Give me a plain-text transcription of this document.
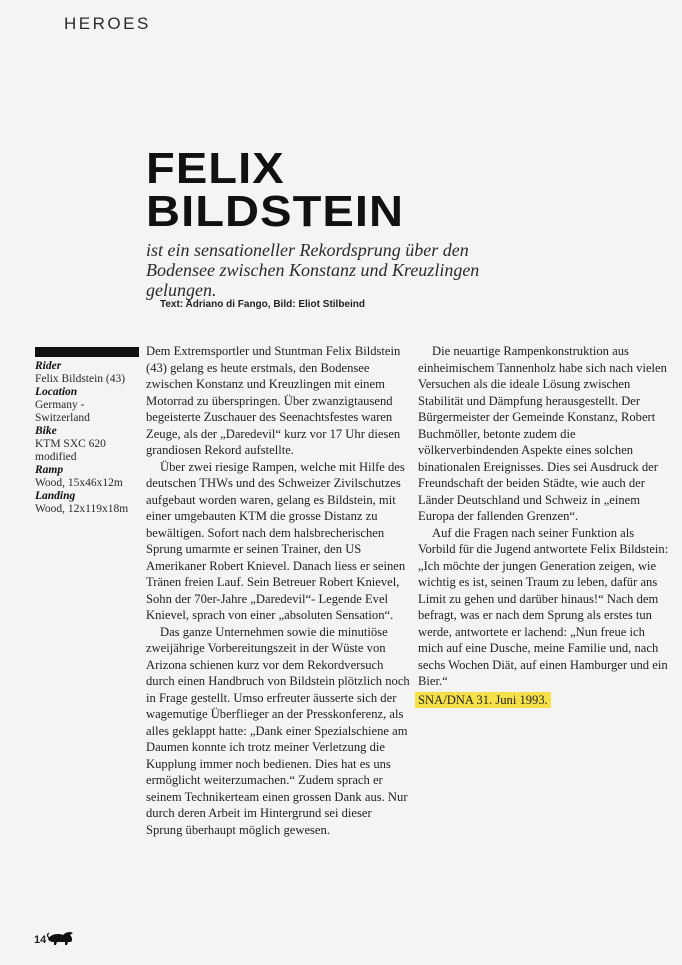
HEROES
FELIX
BILDSTEIN

ist ein sensationeller Rekordsprung über den Bodensee zwischen Konstanz und Kreuzlingen gelungen.

Text: Adriano di Fango, Bild: Eliot Stilbeind
Rider
Felix Bildstein (43)
Location
Germany - Switzerland
Bike
KTM SXC 620 modified
Ramp
Wood, 15x46x12m
Landing
Wood, 12x119x18m

Dem Extremsportler und Stuntman Felix Bildstein (43) gelang es heute erstmals, den Bodensee zwischen Konstanz und Kreuzlingen mit einem Motorrad zu überspringen. Über zwanzigtausend begeisterte Zuschauer des Seenachtsfestes waren Zeuge, als der „Daredevil“ kurz vor 17 Uhr diesen grandiosen Rekord aufstellte.

Über zwei riesige Rampen, welche mit Hilfe des deutschen THWs und des Schweizer Zivilschutzes aufgebaut worden waren, gelang es Bildstein, mit einer umgebauten KTM die grosse Distanz zu bewältigen. Sofort nach dem halsbrecherischen Sprung umarmte er seinen Trainer, den US Amerikaner Robert Knievel. Danach liess er seinen Tränen freien Lauf. Sein Betreuer Robert Knievel, Sohn der 70er-Jahre „Daredevil“- Legende Evel Knievel, sprach von einer „absoluten Sensation“.

Das ganze Unternehmen sowie die minutiöse zweijährige Vorbereitungszeit in der Wüste von Arizona schienen kurz vor dem Rekordversuch durch einen Handbruch von Bildstein plötzlich noch in Frage gestellt. Umso erfreuter äusserte sich der wagemutige Überflieger an der Presskonferenz, als alles geklappt hatte: „Dank einer Spezialschiene am Daumen konnte ich trotz meiner Verletzung die Kupplung immer noch bedienen. Dies hat es uns ermöglicht weiterzumachen.“ Zudem sprach er seinem Technikerteam einen grossen Dank aus. Nur durch deren Arbeit im Hintergrund sei dieser Sprung überhaupt möglich gewesen.

Die neuartige Rampenkonstruktion aus einheimischem Tannenholz habe sich nach vielen Versuchen als die ideale Lösung zwischen Stabilität und Dämpfung herausgestellt. Der Bürgermeister der Gemeinde Konstanz, Robert Buchmöller, betonte zudem die völkerverbindenden Aspekte eines solchen binationalen Ereignisses. Dies sei Ausdruck der Freundschaft der beiden Städte, wie auch der Länder Deutschland und Schweiz in „einem Europa der fallenden Grenzen“.

Auf die Fragen nach seiner Funktion als Vorbild für die Jugend antwortete Felix Bildstein: „Ich möchte der jungen Generation zeigen, wie wichtig es ist, seinen Traum zu leben, dafür ans Limit zu gehen und darüber hinaus!“ Nach dem befragt, was er nach dem Sprung als erstes tun werde, antwortete er lachend: „Nun freue ich mich auf eine Dusche, meine Familie und, nach sechs Wochen Diät, auf einen Hamburger und ein Bier.“

SNA/DNA 31. Juni 1993.
14
